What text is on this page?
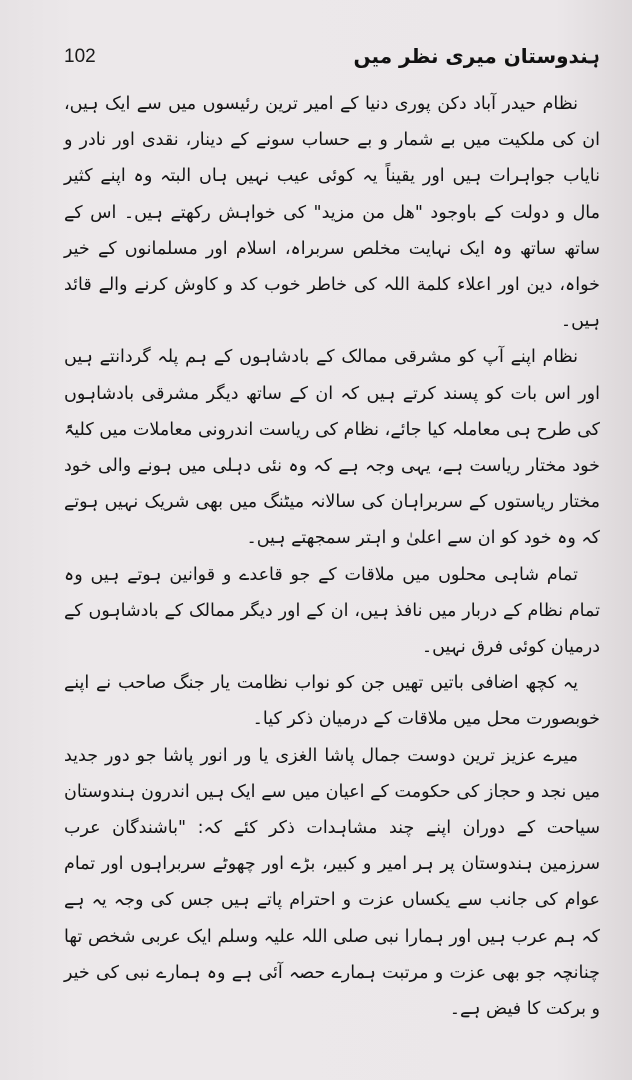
102	ہندوستان میری نظر میں

نظام حیدر آباد دکن پوری دنیا کے امیر ترین رئیسوں میں سے ایک ہیں، ان کی ملکیت میں بے شمار و بے حساب سونے کے دینار، نقدی اور نادر و نایاب جواہرات ہیں اور یقیناً یہ کوئی عیب نہیں ہاں البتہ وہ اپنے کثیر مال و دولت کے باوجود "هل من مزید" کی خواہش رکھتے ہیں۔ اس کے ساتھ ساتھ وہ ایک نہایت مخلص سربراہ، اسلام اور مسلمانوں کے خیر خواہ، دین اور اعلاء کلمة اللہ کی خاطر خوب کد و کاوش کرنے والے قائد ہیں۔

نظام اپنے آپ کو مشرقی ممالک کے بادشاہوں کے ہم پلہ گردانتے ہیں اور اس بات کو پسند کرتے ہیں کہ ان کے ساتھ دیگر مشرقی بادشاہوں کی طرح ہی معاملہ کیا جائے، نظام کی ریاست اندرونی معاملات میں کلیۃً خود مختار ریاست ہے، یہی وجہ ہے کہ وہ نئی دہلی میں ہونے والی خود مختار ریاستوں کے سربراہان کی سالانہ میٹنگ میں بھی شریک نہیں ہوتے کہ وہ خود کو ان سے اعلیٰ و اہتر سمجھتے ہیں۔

تمام شاہی محلوں میں ملاقات کے جو قاعدے و قوانین ہوتے ہیں وہ تمام نظام کے دربار میں نافذ ہیں، ان کے اور دیگر ممالک کے بادشاہوں کے درمیان کوئی فرق نہیں۔

یہ کچھ اضافی باتیں تھیں جن کو نواب نظامت یار جنگ صاحب نے اپنے خوبصورت محل میں ملاقات کے درمیان ذکر کیا۔

میرے عزیز ترین دوست جمال پاشا الغزی یا ور انور پاشا جو دور جدید میں نجد و حجاز کی حکومت کے اعیان میں سے ایک ہیں اندرون ہندوستان سیاحت کے دوران اپنے چند مشاہدات ذکر کئے کہ: "باشندگان عرب سرزمین ہندوستان پر ہر امیر و کبیر، بڑے اور چھوٹے سربراہوں اور تمام عوام کی جانب سے یکساں عزت و احترام پاتے ہیں جس کی وجہ یہ ہے کہ ہم عرب ہیں اور ہمارا نبی صلی اللہ علیہ وسلم ایک عربی شخص تھا چنانچہ جو بھی عزت و مرتبت ہمارے حصہ آئی ہے وہ ہمارے نبی کی خیر و برکت کا فیض ہے۔
